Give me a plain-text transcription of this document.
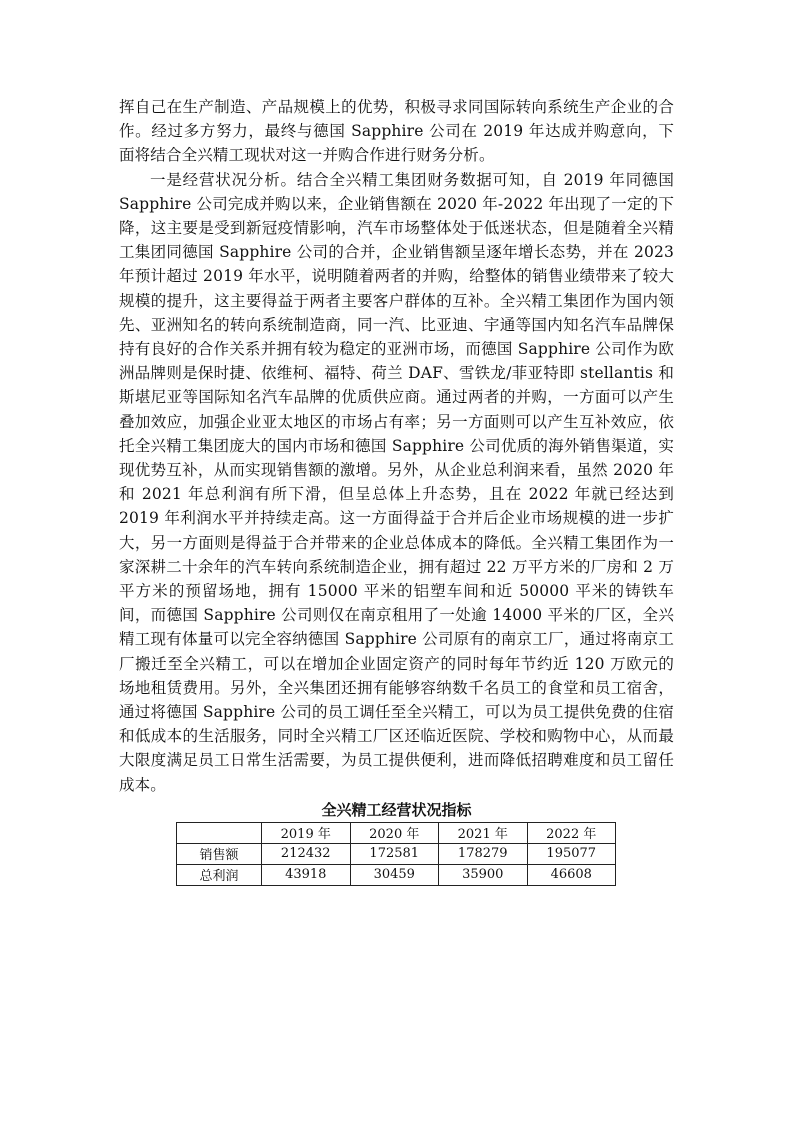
挥自己在生产制造、产品规模上的优势，积极寻求同国际转向系统生产企业的合作。经过多方努力，最终与德国 Sapphire 公司在 2019 年达成并购意向，下面将结合全兴精工现状对这一并购合作进行财务分析。

一是经营状况分析。结合全兴精工集团财务数据可知，自 2019 年同德国 Sapphire 公司完成并购以来，企业销售额在 2020 年-2022 年出现了一定的下降，这主要是受到新冠疫情影响，汽车市场整体处于低迷状态，但是随着全兴精工集团同德国 Sapphire 公司的合并，企业销售额呈逐年增长态势，并在 2023 年预计超过 2019 年水平，说明随着两者的并购，给整体的销售业绩带来了较大规模的提升，这主要得益于两者主要客户群体的互补。全兴精工集团作为国内领先、亚洲知名的转向系统制造商，同一汽、比亚迪、宇通等国内知名汽车品牌保持有良好的合作关系并拥有较为稳定的亚洲市场，而德国 Sapphire 公司作为欧洲品牌则是保时捷、依维柯、福特、荷兰 DAF、雪铁龙/菲亚特即 stellantis 和斯堪尼亚等国际知名汽车品牌的优质供应商。通过两者的并购，一方面可以产生叠加效应，加强企业亚太地区的市场占有率；另一方面则可以产生互补效应，依托全兴精工集团庞大的国内市场和德国 Sapphire 公司优质的海外销售渠道，实现优势互补，从而实现销售额的激增。另外，从企业总利润来看，虽然 2020 年和 2021 年总利润有所下滑，但呈总体上升态势，且在 2022 年就已经达到 2019 年利润水平并持续走高。这一方面得益于合并后企业市场规模的进一步扩大，另一方面则是得益于合并带来的企业总体成本的降低。全兴精工集团作为一家深耕二十余年的汽车转向系统制造企业，拥有超过 22 万平方米的厂房和 2 万平方米的预留场地，拥有 15000 平米的铝塑车间和近 50000 平米的铸铁车间，而德国 Sapphire 公司则仅在南京租用了一处逾 14000 平米的厂区，全兴精工现有体量可以完全容纳德国 Sapphire 公司原有的南京工厂，通过将南京工厂搬迁至全兴精工，可以在增加企业固定资产的同时每年节约近 120 万欧元的场地租赁费用。另外，全兴集团还拥有能够容纳数千名员工的食堂和员工宿舍，通过将德国 Sapphire 公司的员工调任至全兴精工，可以为员工提供免费的住宿和低成本的生活服务，同时全兴精工厂区还临近医院、学校和购物中心，从而最大限度满足员工日常生活需要，为员工提供便利，进而降低招聘难度和员工留任成本。

全兴精工经营状况指标
	2019 年	2020 年	2021 年	2022 年
销售额	212432	172581	178279	195077
总利润	43918	30459	35900	46608
